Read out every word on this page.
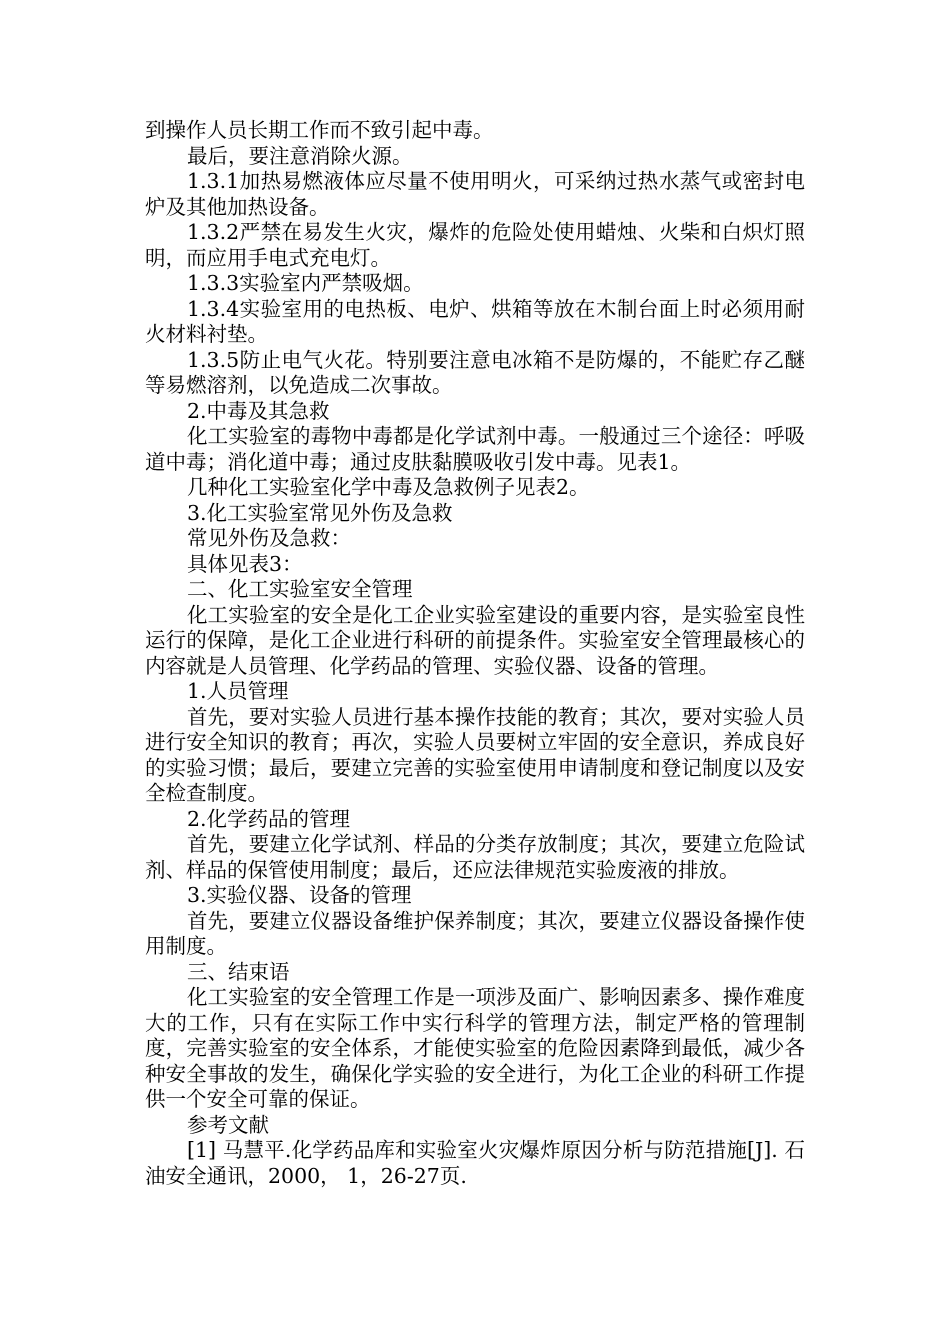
到操作人员长期工作而不致引起中毒。

最后，要注意消除火源。

1.3.1加热易燃液体应尽量不使用明火，可采纳过热水蒸气或密封电炉及其他加热设备。

1.3.2严禁在易发生火灾，爆炸的危险处使用蜡烛、火柴和白炽灯照明，而应用手电式充电灯。

1.3.3实验室内严禁吸烟。

1.3.4实验室用的电热板、电炉、烘箱等放在木制台面上时必须用耐火材料衬垫。

1.3.5防止电气火花。特别要注意电冰箱不是防爆的，不能贮存乙醚等易燃溶剂，以免造成二次事故。

2.中毒及其急救

化工实验室的毒物中毒都是化学试剂中毒。一般通过三个途径：呼吸道中毒；消化道中毒；通过皮肤黏膜吸收引发中毒。见表1。

几种化工实验室化学中毒及急救例子见表2。

3.化工实验室常见外伤及急救

常见外伤及急救：

具体见表3：

二、化工实验室安全管理

化工实验室的安全是化工企业实验室建设的重要内容，是实验室良性运行的保障，是化工企业进行科研的前提条件。实验室安全管理最核心的内容就是人员管理、化学药品的管理、实验仪器、设备的管理。

1.人员管理

首先，要对实验人员进行基本操作技能的教育；其次，要对实验人员进行安全知识的教育；再次，实验人员要树立牢固的安全意识，养成良好的实验习惯；最后，要建立完善的实验室使用申请制度和登记制度以及安全检查制度。

2.化学药品的管理

首先，要建立化学试剂、样品的分类存放制度；其次，要建立危险试剂、样品的保管使用制度；最后，还应法律规范实验废液的排放。

3.实验仪器、设备的管理

首先，要建立仪器设备维护保养制度；其次，要建立仪器设备操作使用制度。

三、结束语

化工实验室的安全管理工作是一项涉及面广、影响因素多、操作难度大的工作，只有在实际工作中实行科学的管理方法，制定严格的管理制度，完善实验室的安全体系，才能使实验室的危险因素降到最低，减少各种安全事故的发生，确保化学实验的安全进行，为化工企业的科研工作提供一个安全可靠的保证。

参考文献

[1] 马慧平.化学药品库和实验室火灾爆炸原因分析与防范措施[J]. 石油安全通讯，2000， 1，26-27页.
